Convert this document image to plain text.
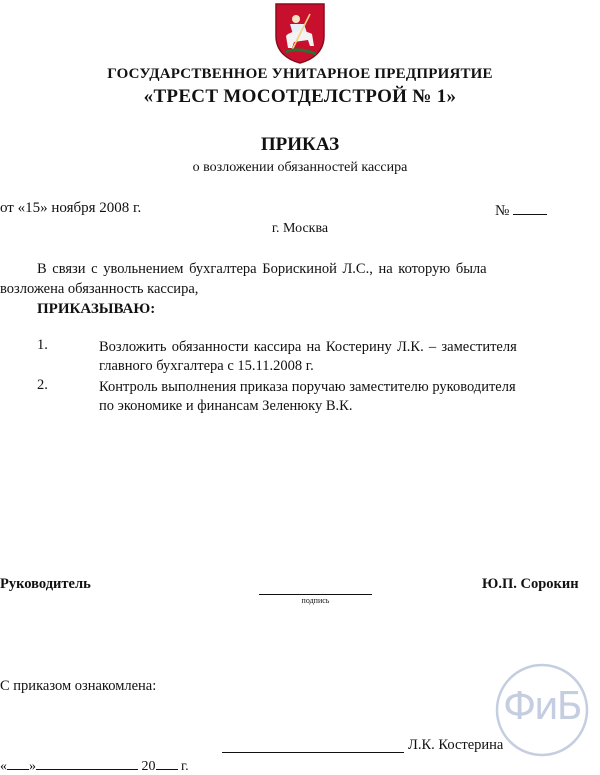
ГОСУДАРСТВЕННОЕ УНИТАРНОЕ ПРЕДПРИЯТИЕ
«ТРЕСТ МОСОТДЕЛСТРОЙ № 1»
ПРИКАЗ
о возложении обязанностей кассира
от «15» ноября 2008 г.	№
г. Москва
В связи с увольнением бухгалтера Борискиной Л.С., на которую была
возложена обязанность кассира,
ПРИКАЗЫВАЮ:
1.	Возложить обязанности кассира на Костерину Л.К. – заместителя
главного бухгалтера с 15.11.2008 г.
2.	Контроль выполнения приказа поручаю заместителю руководителя
по экономике и финансам Зеленюку В.К.
Руководитель
подпись
Ю.П. Сорокин
С приказом ознакомлена:
Л.К. Костерина
« »	20 г.
ФиБ
